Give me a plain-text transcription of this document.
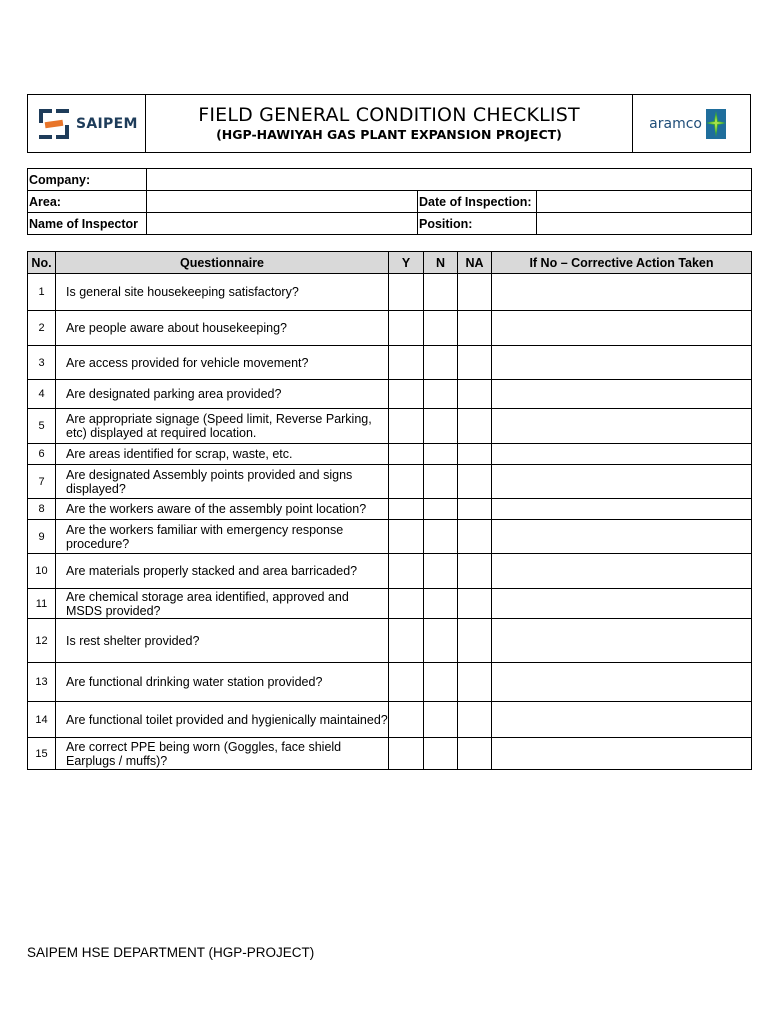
SAIPEM	FIELD GENERAL CONDITION CHECKLIST
(HGP-HAWIYAH GAS PLANT EXPANSION PROJECT)

aramco
Company:			
Area:		Date of Inspection:	
Name of Inspector		Position:	
No.	Questionnaire	Y	N	NA	If No – Corrective Action Taken
1	Is general site housekeeping satisfactory?				
2	Are people aware about housekeeping?				
3	Are access provided for vehicle movement?				
4	Are designated parking area provided?				
5	Are appropriate signage (Speed limit, Reverse Parking,
etc) displayed at required location.				
6	Are areas identified for scrap, waste, etc.				
7	Are designated Assembly points provided and signs
displayed?				
8	Are the workers aware of the assembly point location?				
9	Are the workers familiar with emergency response
procedure?				
10	Are materials properly stacked and area barricaded?				
11	Are chemical storage area identified, approved and
MSDS provided?				
12	Is rest shelter provided?				
13	Are functional drinking water station provided?				
14	Are functional toilet provided and hygienically maintained?				
15	Are correct PPE being worn (Goggles, face shield
Earplugs / muffs)?				
SAIPEM HSE DEPARTMENT (HGP-PROJECT)
